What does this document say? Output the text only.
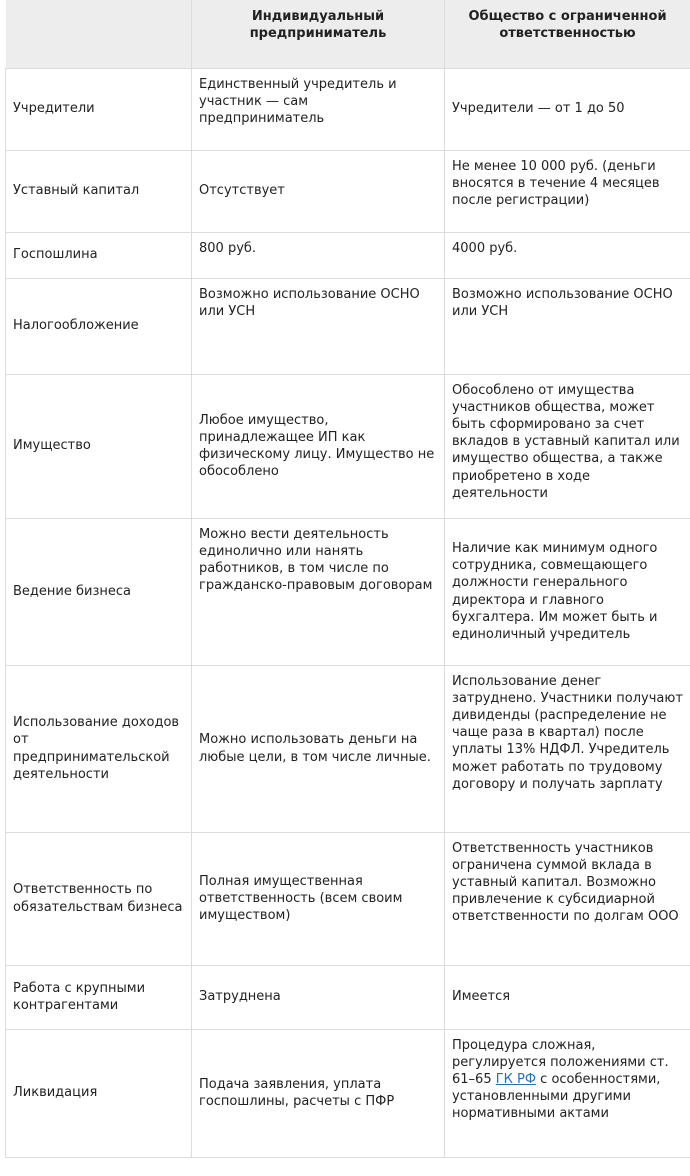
	Индивидуальный предприниматель	Общество с ограниченной ответственностью
Учредители	Единственный учредитель и участник — сам предприниматель	Учредители — от 1 до 50
Уставный капитал	Отсутствует	Не менее 10 000 руб. (деньги вносятся в течение 4 месяцев после регистрации)

Госпошлина	800 руб.	4000 руб.

Налогообложение	Возможно использование ОСНО или УСН	Возможно использование ОСНО или УСН

Имущество	Любое имущество, принадлежащее ИП как физическому лицу. Имущество не обособлено	Обособлено от имущества участников общества, может быть сформировано за счет вкладов в уставный капитал или имущество общества, а также приобретено в ходе деятельности

Ведение бизнеса	Можно вести деятельность единолично или нанять работников, в том числе по гражданско-правовым договорам	Наличие как минимум одного сотрудника, совмещающего должности генерального директора и главного бухгалтера. Им может быть и единоличный учредитель
Использование доходов от предпринимательской деятельности	Можно использовать деньги на любые цели, в том числе личные.	Использование денег затруднено. Участники получают дивиденды (распределение не чаще раза в квартал) после уплаты 13% НДФЛ. Учредитель может работать по трудовому договору и получать зарплату

Ответственность по обязательствам бизнеса	Полная имущественная ответственность (всем своим имуществом)	Ответственность участников ограничена суммой вклада в уставный капитал. Возможно привлечение к субсидиарной ответственности по долгам ООО

Работа с крупными контрагентами	Затруднена	Имеется
Ликвидация	Подача заявления, уплата госпошлины, расчеты с ПФР	Процедура сложная, регулируется положениями ст. 61–65 ГК РФ с особенностями, установленными другими нормативными актами
